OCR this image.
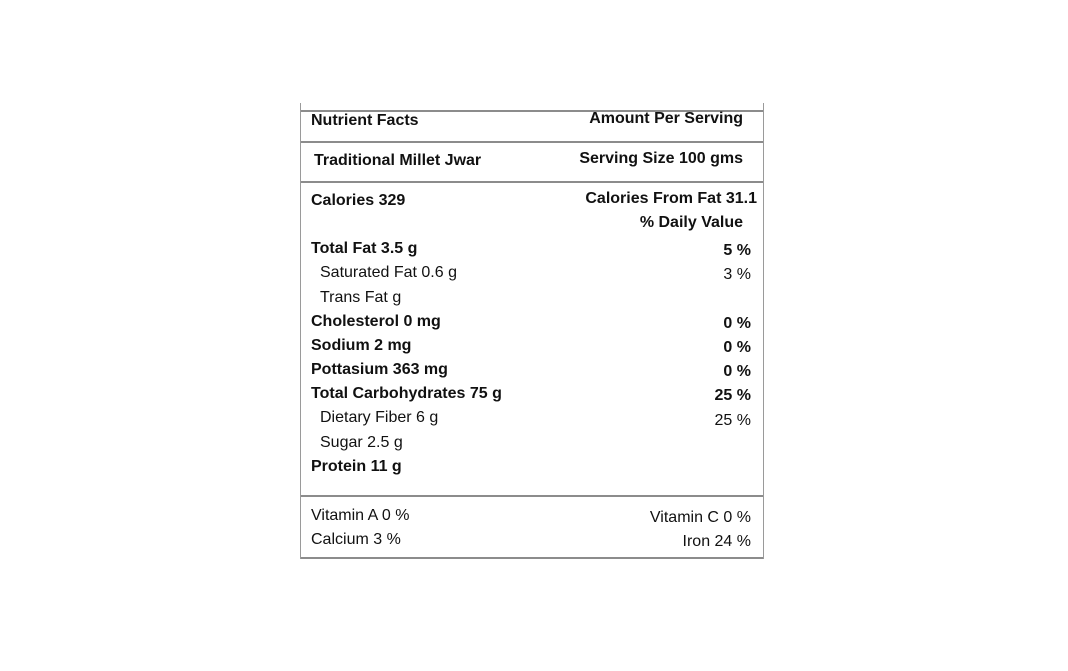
Nutrient Facts	Amount Per Serving
Traditional Millet Jwar	Serving Size 100 gms
Calories 329	Calories From Fat 31.1
% Daily Value
Total Fat 3.5 g	5 %
Saturated Fat 0.6 g	3 %
Trans Fat g
Cholesterol 0 mg	0 %
Sodium 2 mg	0 %
Pottasium 363 mg	0 %
Total Carbohydrates 75 g	25 %
Dietary Fiber 6 g	25 %
Sugar 2.5 g
Protein 11 g
Vitamin A 0 %	Vitamin C 0 %
Calcium 3 %	Iron 24 %
